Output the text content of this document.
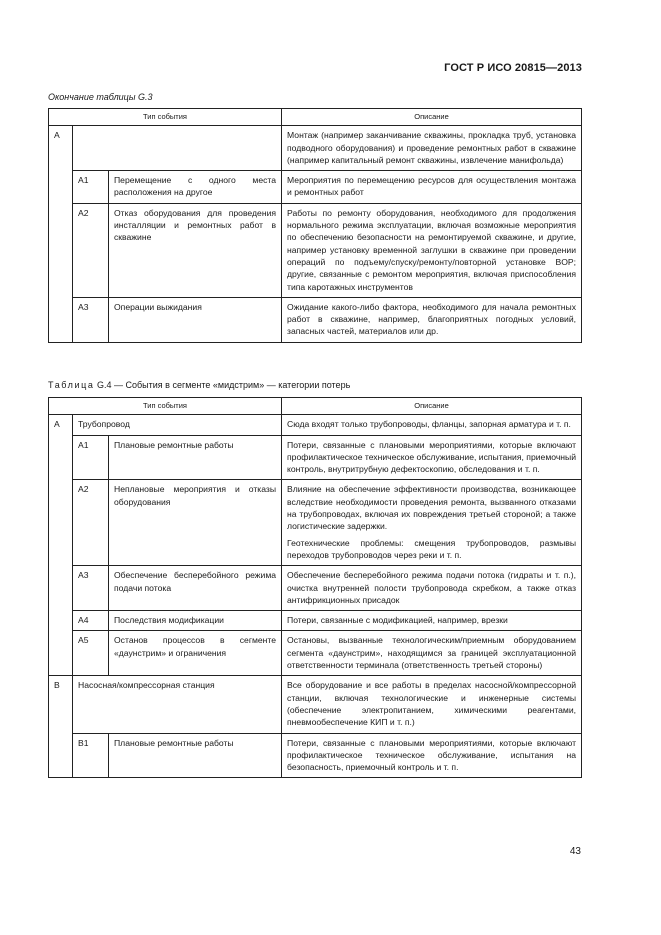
ГОСТ Р ИСО 20815—2013
Окончание таблицы G.3
Тип события			Описание
A			Монтаж (например заканчивание скважины, прокладка труб, установка подводного оборудования) и проведение ремонтных работ в скважине (например капитальный ремонт скважины, извлечение манифольда)
	A1	Перемещение с одного места расположения на другое	Мероприятия по перемещению ресурсов для осуществления монтажа и ремонтных работ
	A2	Отказ оборудования для проведения инсталляции и ремонтных работ в скважине	Работы по ремонту оборудования, необходимого для продолжения нормального режима эксплуатации, включая возможные мероприятия по обеспечению безопасности на ремонтируемой скважине, и другие, например установку временной заглушки в скважине при проведении операций по подъему/спуску/ремонту/повторной установке BOP; другие, связанные с ремонтом мероприятия, включая приспособления типа каротажных инструментов
	A3	Операции выжидания	Ожидание какого-либо фактора, необходимого для начала ремонтных работ в скважине, например, благоприятных погодных условий, запасных частей, материалов или др.
Таблица G.4 — События в сегменте «мидстрим» — категории потерь
Тип события			Описание
A	Трубопровод		Сюда входят только трубопроводы, фланцы, запорная арматура и т. п.
	A1	Плановые ремонтные работы	Потери, связанные с плановыми мероприятиями, которые включают профилактическое техническое обслуживание, испытания, приемочный контроль, внутритрубную дефектоскопию, обследования и т. п.
	A2	Неплановые мероприятия и отказы оборудования	Влияние на обеспечение эффективности производства, возникающее вследствие необходимости проведения ремонта, вызванного отказами на трубопроводах, включая их повреждения третьей стороной; а также логистические задержки.
Геотехнические проблемы: смещения трубопроводов, размывы переходов трубопроводов через реки и т. п.

	A3	Обеспечение бесперебойного режима подачи потока	Обеспечение бесперебойного режима подачи потока (гидраты и т. п.), очистка внутренней полости трубопровода скребком, а также отказ антифрикционных присадок
	A4	Последствия модификации	Потери, связанные с модификацией, например, врезки
	A5	Останов процессов в сегменте «даунстрим» и ограничения	Остановы, вызванные технологическим/приемным оборудованием сегмента «даунстрим», находящимся за границей эксплуатационной ответственности терминала (ответственность третьей стороны)
B	Насосная/компрессорная станция		Все оборудование и все работы в пределах насосной/компрессорной станции, включая технологические и инженерные системы (обеспечение электропитанием, химическими реагентами, пневмообеспечение КИП и т. п.)
	B1	Плановые ремонтные работы	Потери, связанные с плановыми мероприятиями, которые включают профилактическое техническое обслуживание, испытания на безопасность, приемочный контроль и т. п.
43
